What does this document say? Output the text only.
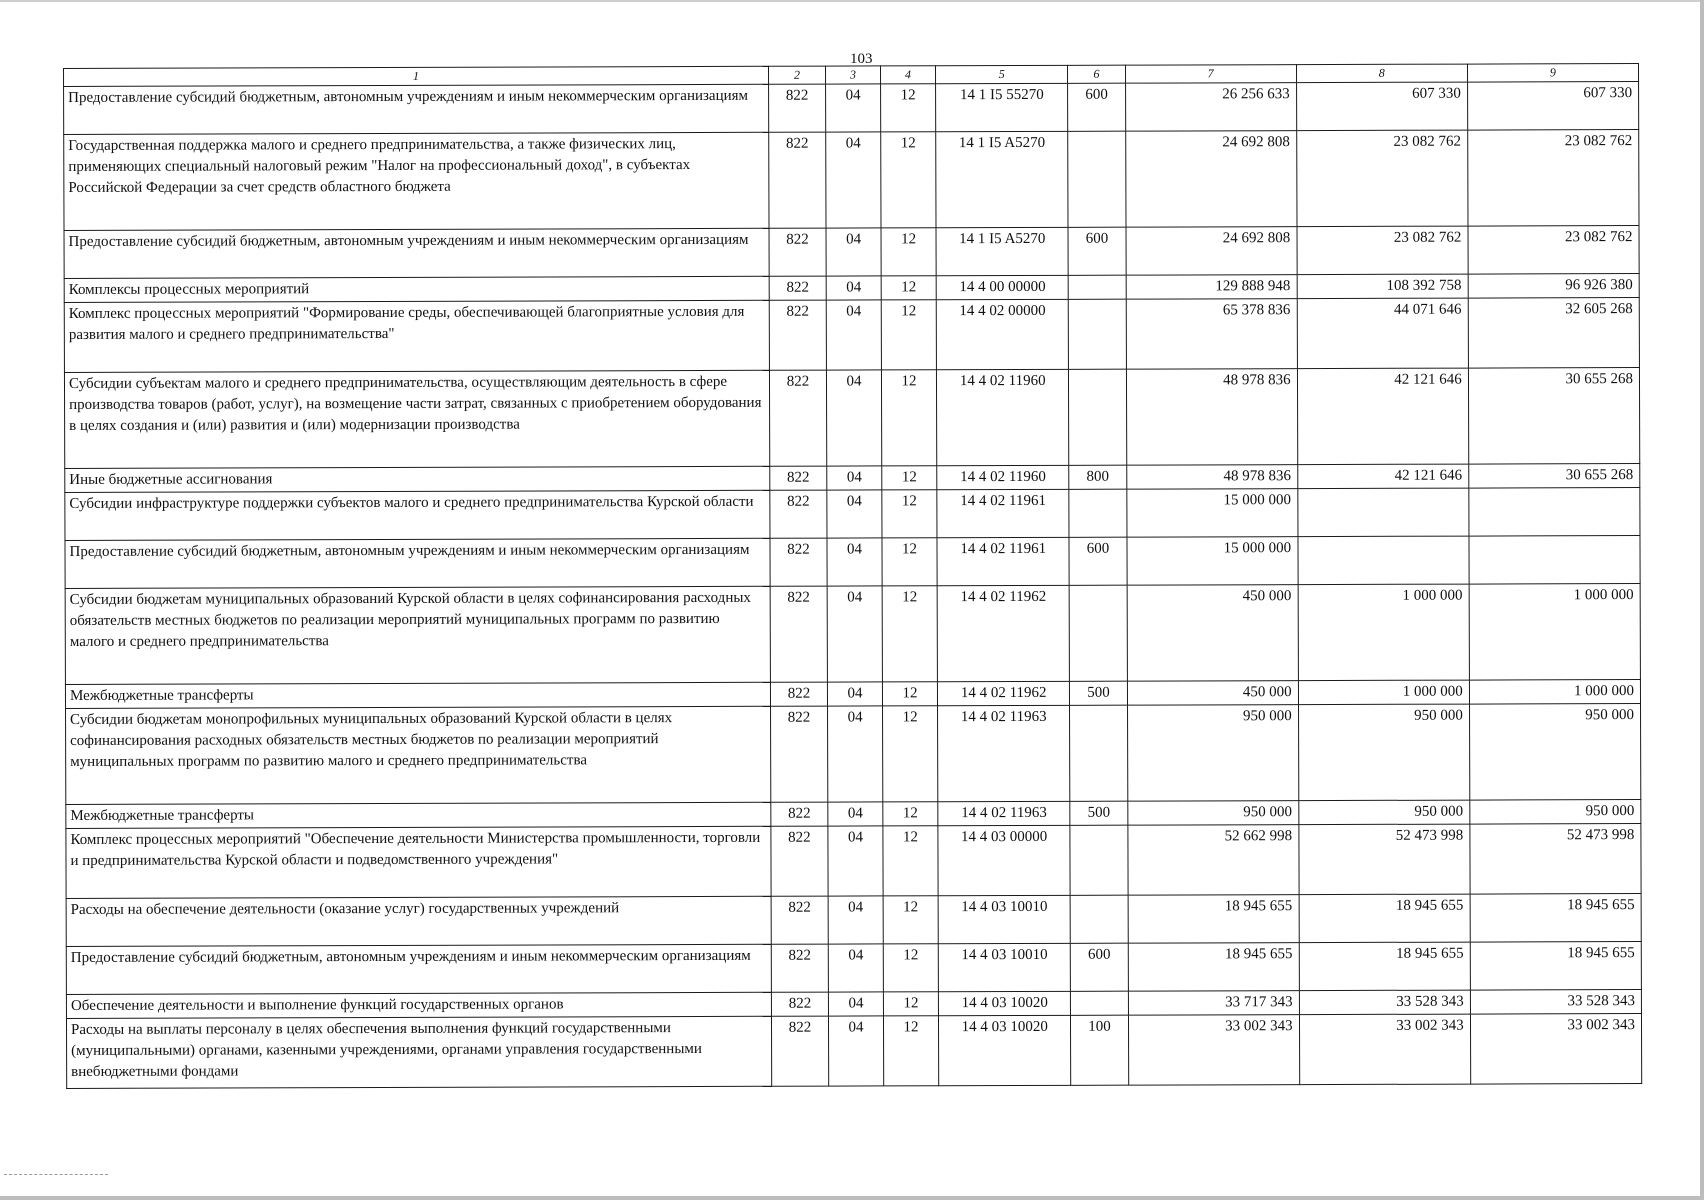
103
1	2	3	4	5	6	7	8	9
Предоставление субсидий бюджетным, автономным учреждениям и иным некоммерческим организациям	822	04	12	14 1 I5 55270	600	26 256 633	607 330	607 330
Государственная поддержка малого и среднего предпринимательства, а также физических лиц, применяющих специальный налоговый режим "Налог на профессиональный доход", в субъектах Российской Федерации за счет средств областного бюджета	822	04	12	14 1 I5 A5270		24 692 808	23 082 762	23 082 762
Предоставление субсидий бюджетным, автономным учреждениям и иным некоммерческим организациям	822	04	12	14 1 I5 A5270	600	24 692 808	23 082 762	23 082 762
Комплексы процессных мероприятий	822	04	12	14 4 00 00000		129 888 948	108 392 758	96 926 380
Комплекс процессных мероприятий "Формирование среды, обеспечивающей благоприятные условия для развития малого и среднего предпринимательства"	822	04	12	14 4 02 00000		65 378 836	44 071 646	32 605 268
Субсидии субъектам малого и среднего предпринимательства, осуществляющим деятельность в сфере производства товаров (работ, услуг), на возмещение части затрат, связанных с приобретением оборудования в целях создания и (или) развития и (или) модернизации производства	822	04	12	14 4 02 11960		48 978 836	42 121 646	30 655 268
Иные бюджетные ассигнования	822	04	12	14 4 02 11960	800	48 978 836	42 121 646	30 655 268
Субсидии инфраструктуре поддержки субъектов малого и среднего предпринимательства Курской области	822	04	12	14 4 02 11961		15 000 000		
Предоставление субсидий бюджетным, автономным учреждениям и иным некоммерческим организациям	822	04	12	14 4 02 11961	600	15 000 000		
Субсидии бюджетам муниципальных образований Курской области в целях софинансирования расходных обязательств местных бюджетов по реализации мероприятий муниципальных программ по развитию малого и среднего предпринимательства	822	04	12	14 4 02 11962		450 000	1 000 000	1 000 000
Межбюджетные трансферты	822	04	12	14 4 02 11962	500	450 000	1 000 000	1 000 000
Субсидии бюджетам монопрофильных муниципальных образований Курской области в целях софинансирования расходных обязательств местных бюджетов по реализации мероприятий муниципальных программ по развитию малого и среднего предпринимательства	822	04	12	14 4 02 11963		950 000	950 000	950 000
Межбюджетные трансферты	822	04	12	14 4 02 11963	500	950 000	950 000	950 000
Комплекс процессных мероприятий "Обеспечение деятельности Министерства промышленности, торговли и предпринимательства Курской области и подведомственного учреждения"	822	04	12	14 4 03 00000		52 662 998	52 473 998	52 473 998
Расходы на обеспечение деятельности (оказание услуг) государственных учреждений	822	04	12	14 4 03 10010		18 945 655	18 945 655	18 945 655
Предоставление субсидий бюджетным, автономным учреждениям и иным некоммерческим организациям	822	04	12	14 4 03 10010	600	18 945 655	18 945 655	18 945 655
Обеспечение деятельности и выполнение функций государственных органов	822	04	12	14 4 03 10020		33 717 343	33 528 343	33 528 343
Расходы на выплаты персоналу в целях обеспечения выполнения функций государственными (муниципальными) органами, казенными учреждениями, органами управления государственными внебюджетными фондами	822	04	12	14 4 03 10020	100	33 002 343	33 002 343	33 002 343
